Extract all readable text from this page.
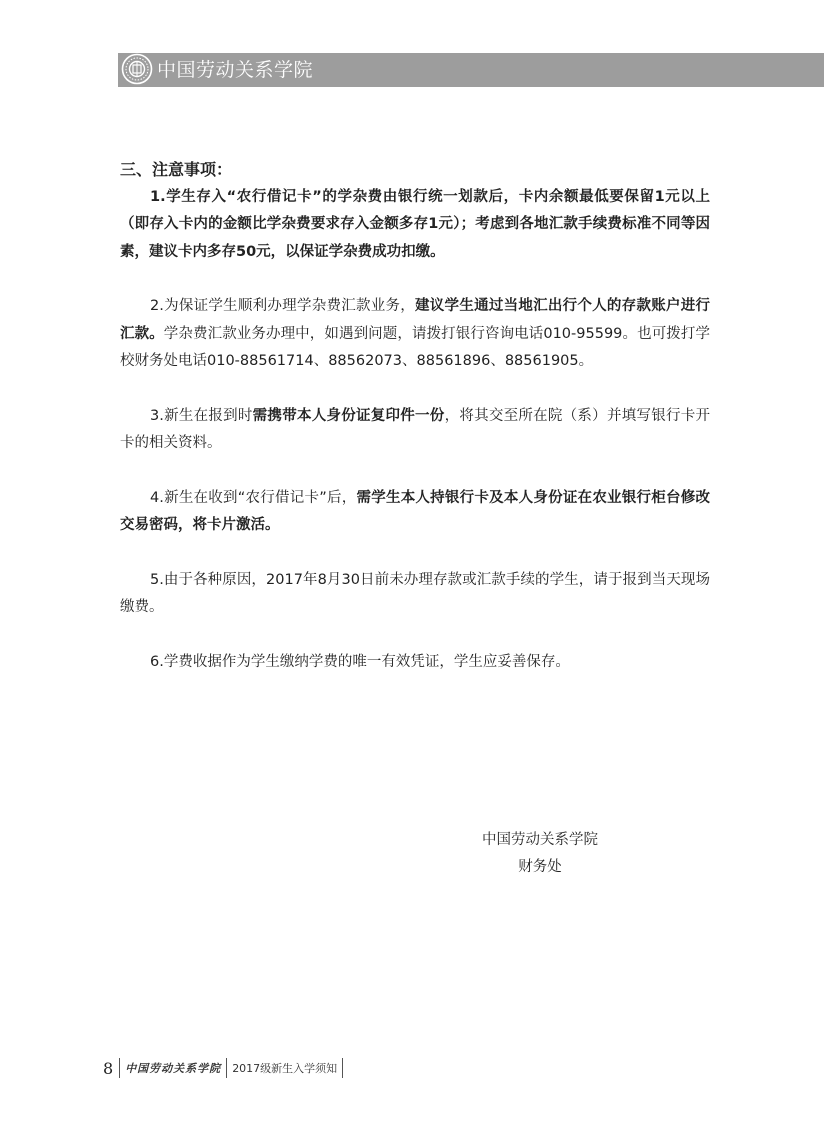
中国劳动关系学院

三、注意事项：

1.学生存入“农行借记卡”的学杂费由银行统一划款后，卡内余额最低要保留1元以上（即存入卡内的金额比学杂费要求存入金额多存1元）；考虑到各地汇款手续费标准不同等因素，建议卡内多存50元，以保证学杂费成功扣缴。

2.为保证学生顺利办理学杂费汇款业务，建议学生通过当地汇出行个人的存款账户进行汇款。学杂费汇款业务办理中，如遇到问题，请拨打银行咨询电话010-95599。也可拨打学校财务处电话010-88561714、88562073、88561896、88561905。

3.新生在报到时需携带本人身份证复印件一份，将其交至所在院（系）并填写银行卡开卡的相关资料。

4.新生在收到“农行借记卡”后，需学生本人持银行卡及本人身份证在农业银行柜台修改交易密码，将卡片激活。

5.由于各种原因，2017年8月30日前未办理存款或汇款手续的学生，请于报到当天现场缴费。

6.学费收据作为学生缴纳学费的唯一有效凭证，学生应妥善保存。

中国劳动关系学院
财务处
8	中国劳动关系学院	2017级新生入学须知
